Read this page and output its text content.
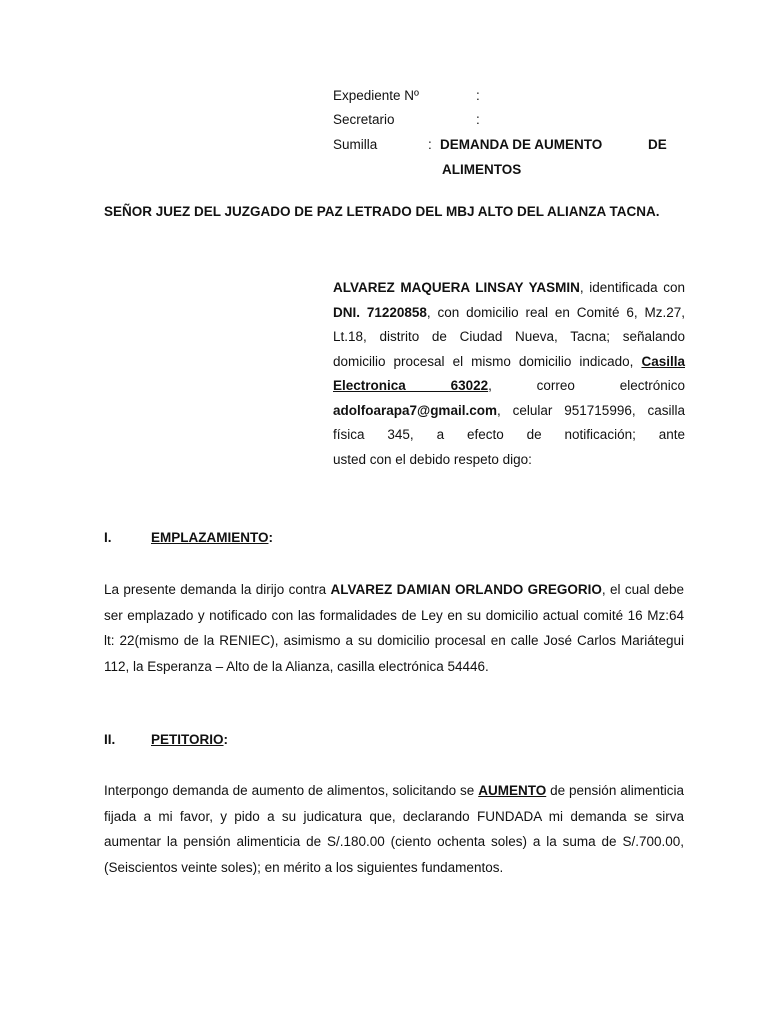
Expediente Nº	:
Secretario	:
Sumilla	: DEMANDA DE AUMENTO	DE
ALIMENTOS
SEÑOR JUEZ DEL JUZGADO DE PAZ LETRADO DEL MBJ ALTO DEL ALIANZA TACNA.
ALVAREZ MAQUERA LINSAY YASMIN, identificada con DNI. 71220858, con domicilio real en Comité 6, Mz.27, Lt.18, distrito de Ciudad Nueva, Tacna; señalando domicilio procesal el mismo domicilio indicado, Casilla Electronica 63022, correo electrónico adolfoarapa7@gmail.com, celular 951715996, casilla física 345, a efecto de notificación; ante
usted con el debido respeto digo:
I.	EMPLAZAMIENTO:
La presente demanda la dirijo contra ALVAREZ DAMIAN ORLANDO GREGORIO, el cual debe ser emplazado y notificado con las formalidades de Ley en su domicilio actual comité 16 Mz:64 lt: 22(mismo de la RENIEC), asimismo a su domicilio procesal en calle José Carlos Mariátegui 112, la Esperanza – Alto de la Alianza, casilla electrónica 54446.
II.	PETITORIO:
Interpongo demanda de aumento de alimentos, solicitando se AUMENTO de pensión alimenticia fijada a mi favor, y pido a su judicatura que, declarando FUNDADA mi demanda se sirva aumentar la pensión alimenticia de S/.180.00 (ciento ochenta soles) a la suma de S/.700.00, (Seiscientos veinte soles); en mérito a los siguientes fundamentos.
